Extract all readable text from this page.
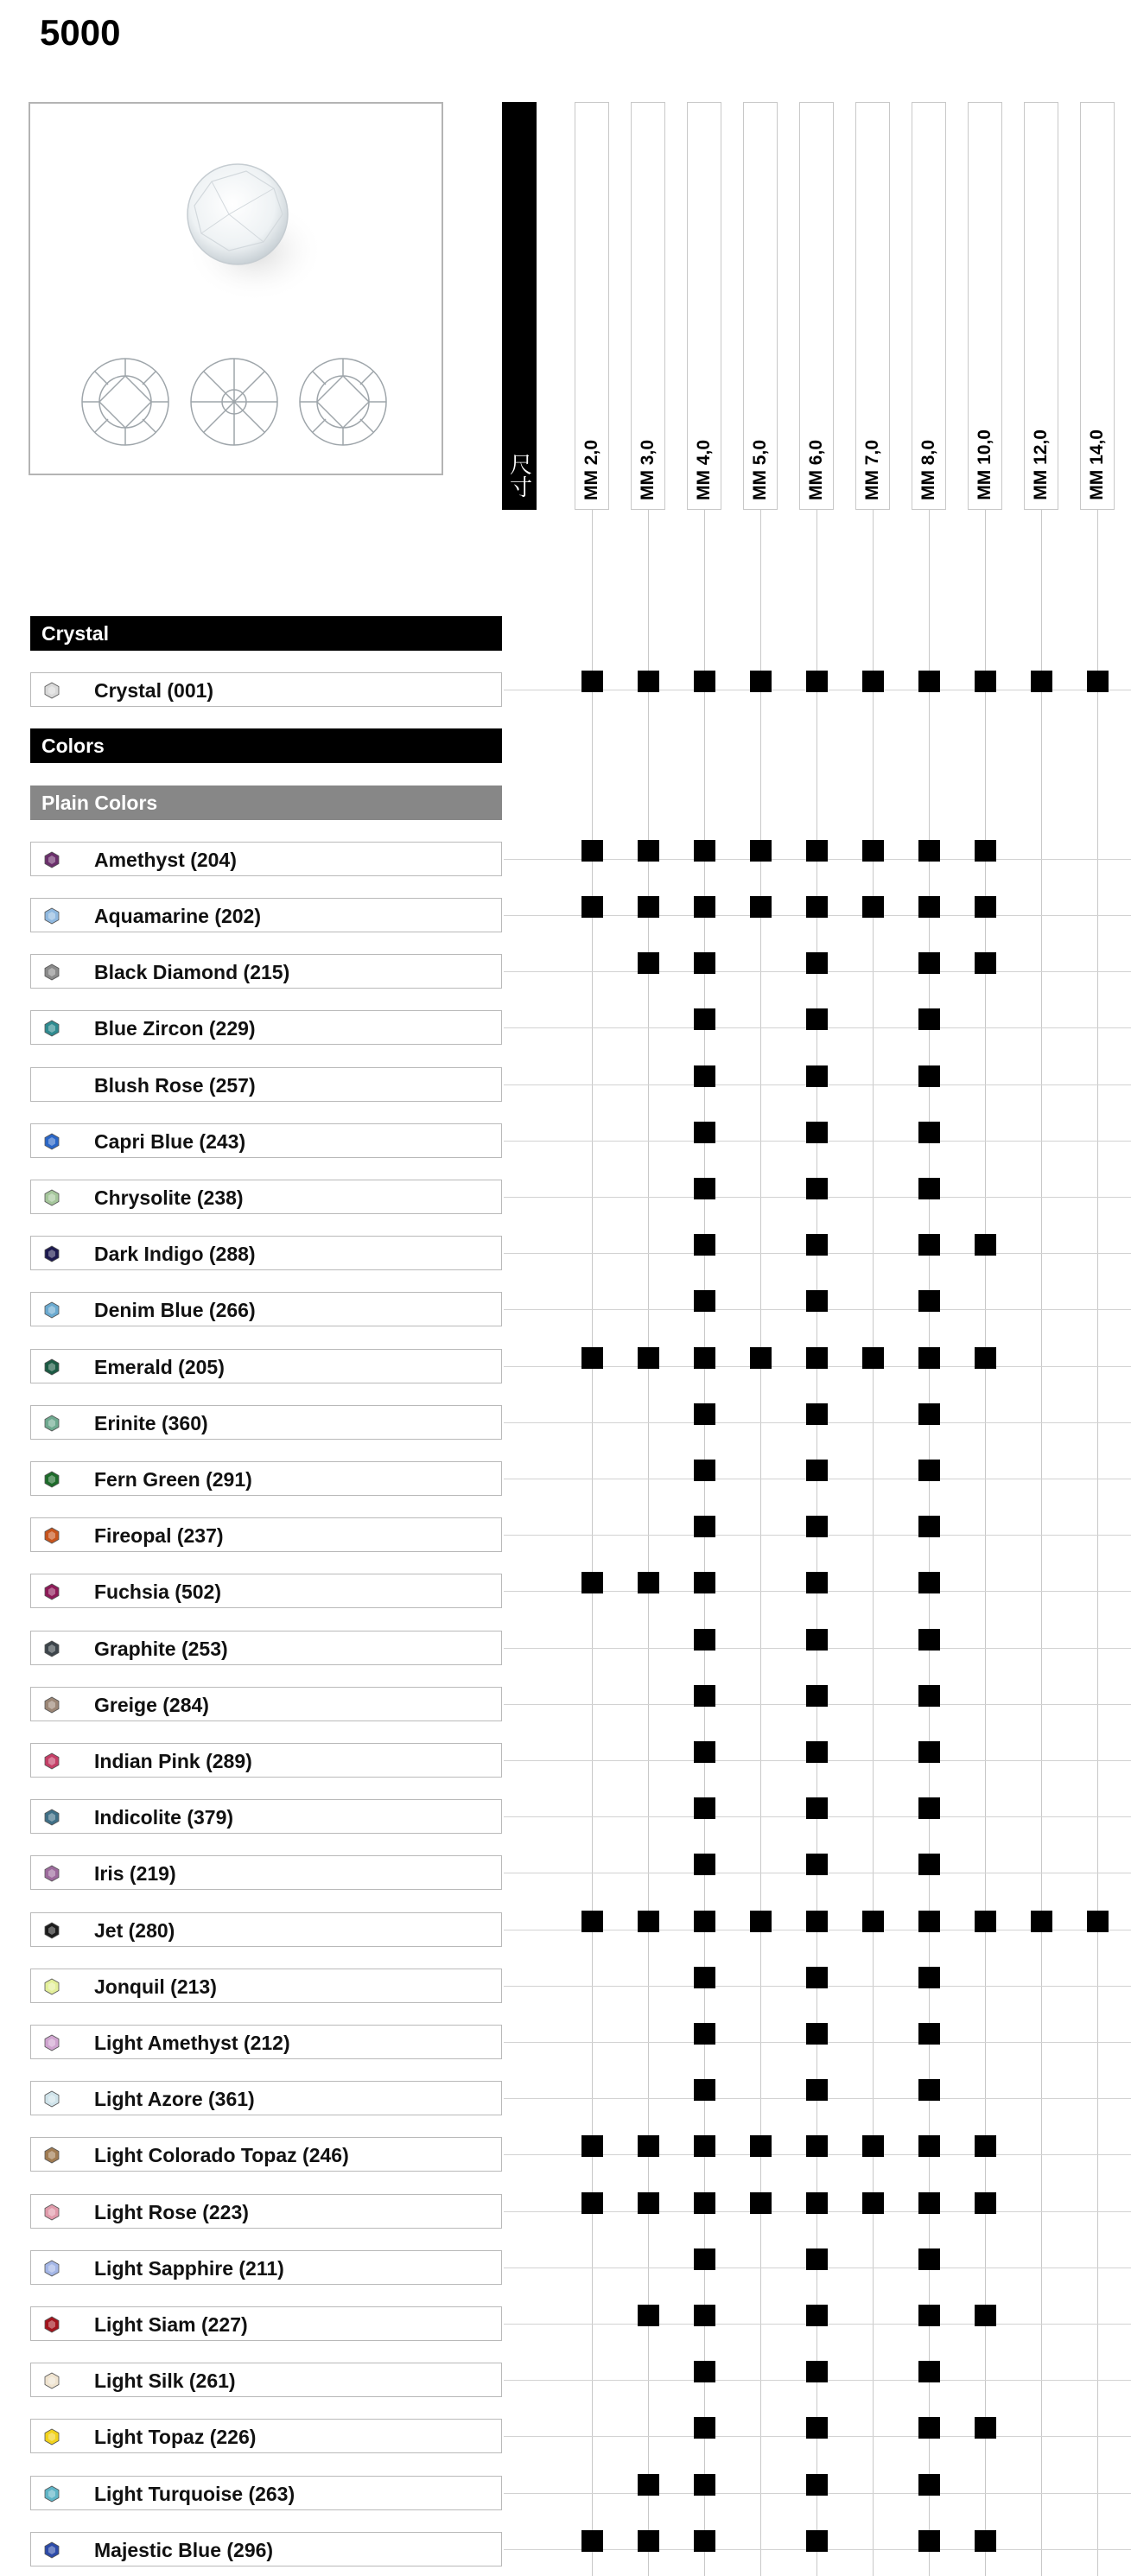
5000
尺寸	MM 2,0 MM 3,0 MM 4,0 MM 5,0 MM 6,0 MM 7,0 MM 8,0 MM 10,0 MM 12,0 MM 14,0
Crystal
Crystal (001)
Colors
Plain Colors
Amethyst (204)
Aquamarine (202)
Black Diamond (215)
Blue Zircon (229)
Blush Rose (257)
Capri Blue (243)
Chrysolite (238)
Dark Indigo (288)
Denim Blue (266)
Emerald (205)
Erinite (360)
Fern Green (291)
Fireopal (237)
Fuchsia (502)
Graphite (253)
Greige (284)
Indian Pink (289)
Indicolite (379)
Iris (219)
Jet (280)
Jonquil (213)
Light Amethyst (212)
Light Azore (361)
Light Colorado Topaz (246)
Light Rose (223)
Light Sapphire (211)
Light Siam (227)
Light Silk (261)
Light Topaz (226)
Light Turquoise (263)
Majestic Blue (296)
